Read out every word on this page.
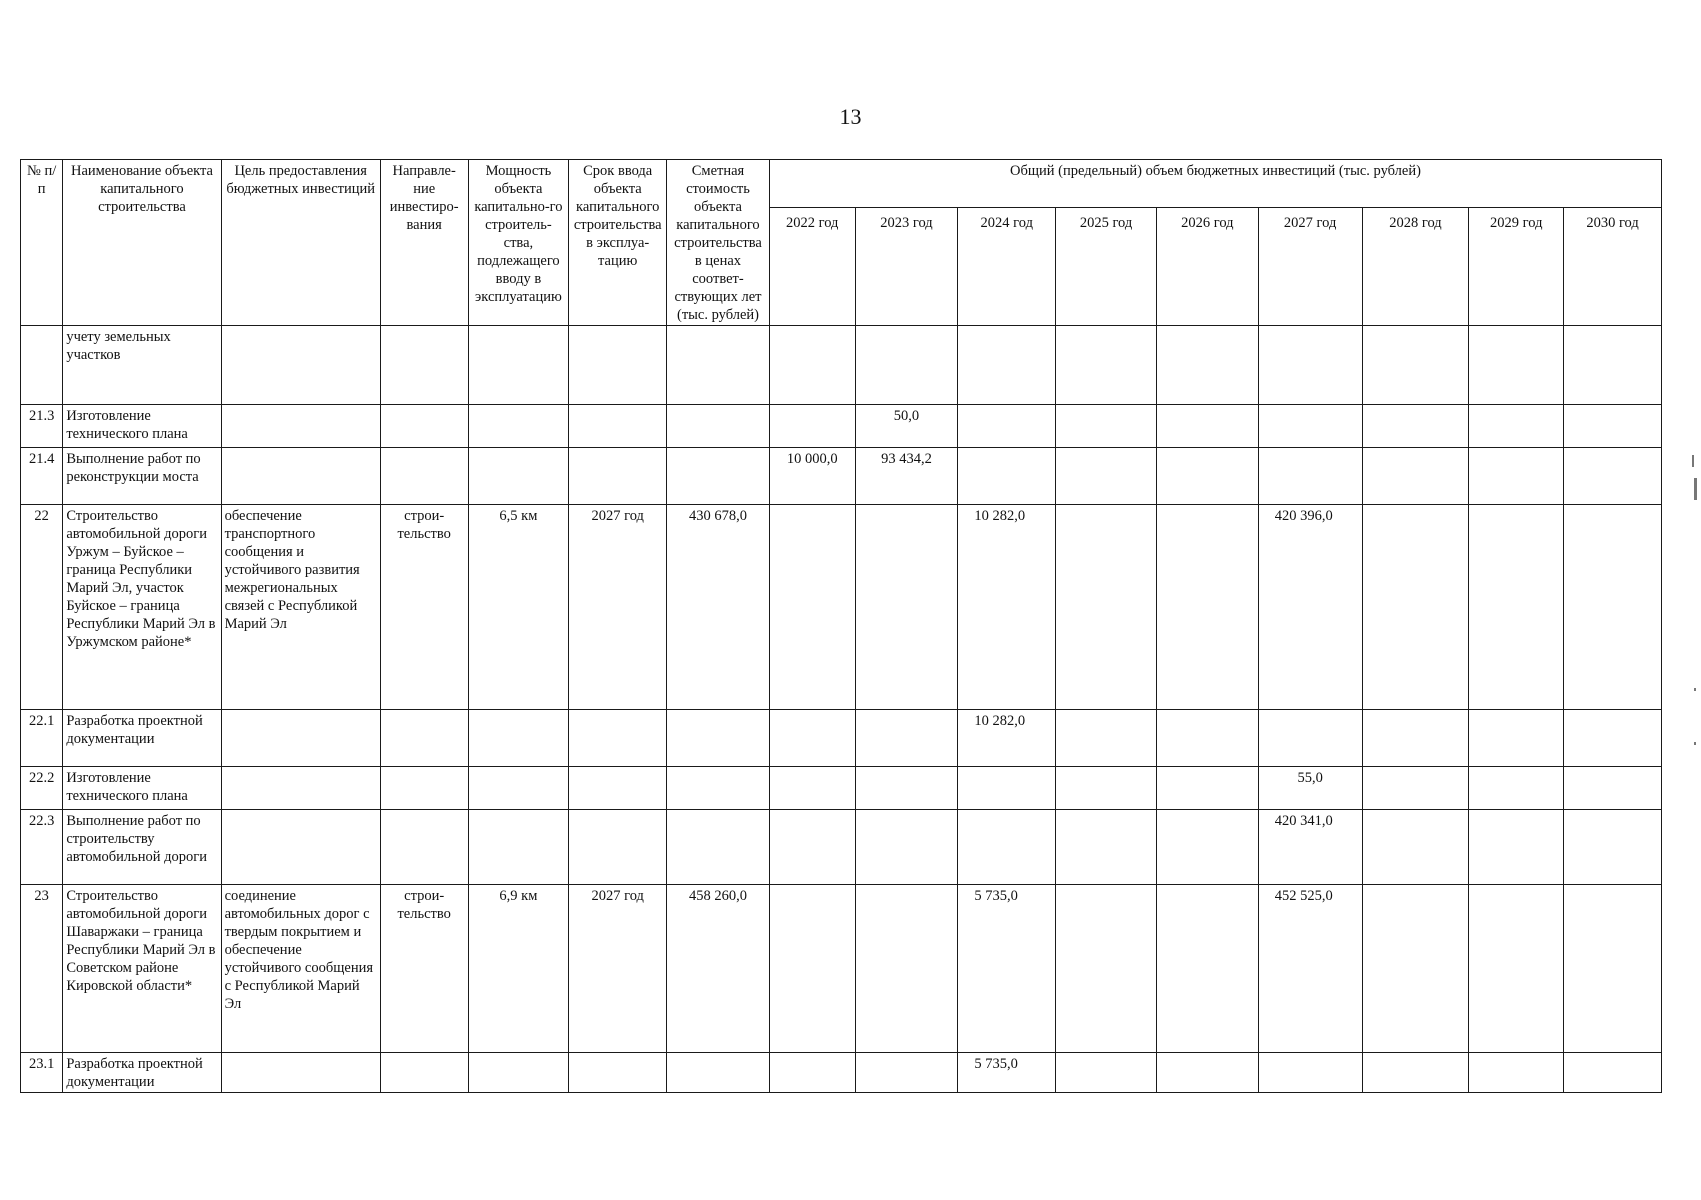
13
№ п/п	Наименование объекта капитального строительства	Цель предоставления бюджетных инвестиций	Направле-ние инвестиро-вания	Мощность объекта капитально-го строитель-ства, подлежащего вводу в эксплуатацию	Срок ввода объекта капитального строительства в эксплуа-тацию	Сметная стоимость объекта капитального строительства в ценах соответ-ствующих лет (тыс. рублей)	Общий (предельный) объем бюджетных инвестиций (тыс. рублей)								
							2022 год	2023 год	2024 год	2025 год	2026 год	2027 год	2028 год	2029 год	2030 год
	учету земельных участков														
21.3	Изготовление технического плана							50,0							
21.4	Выполнение работ по реконструкции моста						10 000,0	93 434,2							
22	Строительство автомобильной дороги Уржум – Буйское – граница Республики Марий Эл, участок Буйское – граница Республики Марий Эл в Уржумском районе*	обеспечение транспортного сообщения и устойчивого развития межрегиональных связей с Республикой Марий Эл	строи-тельство	6,5 км	2027 год	430 678,0			10 282,0			420 396,0			
22.1	Разработка проектной документации								10 282,0						
22.2	Изготовление технического плана											55,0			
22.3	Выполнение работ по строительству автомобильной дороги											420 341,0			
23	Строительство автомобильной дороги Шаваржаки – граница Республики Марий Эл в Советском районе Кировской области*	соединение автомобильных дорог с твердым покрытием и обеспечение устойчивого сообщения с Республикой Марий Эл	строи-тельство	6,9 км	2027 год	458 260,0			5 735,0			452 525,0			
23.1	Разработка проектной документации								5 735,0						
